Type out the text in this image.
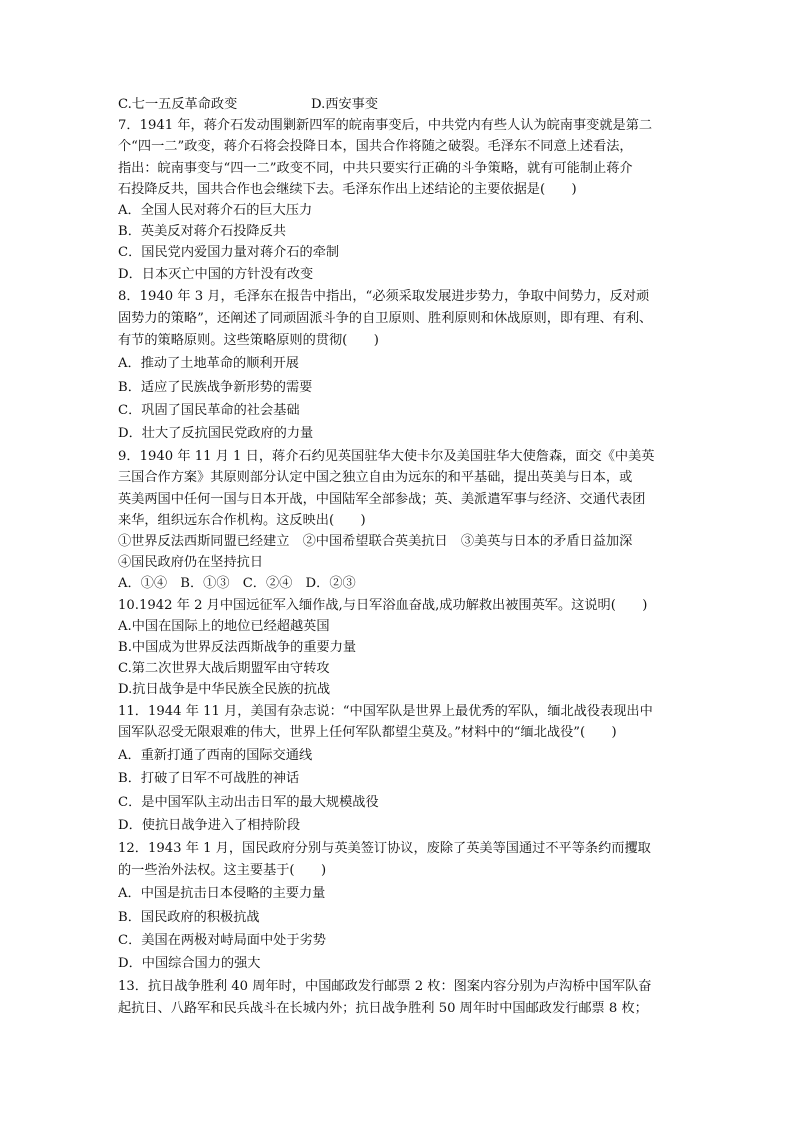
C.七一五反革命政变	D.西安事变
7．1941 年，蒋介石发动围剿新四军的皖南事变后，中共党内有些人认为皖南事变就是第二
个“四一二”政变，蒋介石将会投降日本，国共合作将随之破裂。毛泽东不同意上述看法，
指出：皖南事变与“四一二”政变不同，中共只要实行正确的斗争策略，就有可能制止蒋介
石投降反共，国共合作也会继续下去。毛泽东作出上述结论的主要依据是(　　)
A．全国人民对蒋介石的巨大压力
B．英美反对蒋介石投降反共
C．国民党内爱国力量对蒋介石的牵制
D．日本灭亡中国的方针没有改变
8．1940 年 3 月，毛泽东在报告中指出，“必须采取发展进步势力，争取中间势力，反对顽
固势力的策略”，还阐述了同顽固派斗争的自卫原则、胜利原则和休战原则，即有理、有利、
有节的策略原则。这些策略原则的贯彻(　　)
A．推动了土地革命的顺利开展
B．适应了民族战争新形势的需要
C．巩固了国民革命的社会基础
D．壮大了反抗国民党政府的力量
9．1940 年 11 月 1 日，蒋介石约见英国驻华大使卡尔及美国驻华大使詹森，面交《中美英
三国合作方案》其原则部分认定中国之独立自由为远东的和平基础，提出英美与日本，或
英美两国中任何一国与日本开战，中国陆军全部参战；英、美派遣军事与经济、交通代表团
来华，组织远东合作机构。这反映出(　　)
①世界反法西斯同盟已经建立　②中国希望联合英美抗日　③美英与日本的矛盾日益加深
④国民政府仍在坚持抗日
A．①④　B．①③　C．②④　D．②③
10.1942 年 2 月中国远征军入缅作战,与日军浴血奋战,成功解救出被围英军。这说明(　　)
A.中国在国际上的地位已经超越英国
B.中国成为世界反法西斯战争的重要力量
C.第二次世界大战后期盟军由守转攻
D.抗日战争是中华民族全民族的抗战
11．1944 年 11 月，美国有杂志说：“中国军队是世界上最优秀的军队，缅北战役表现出中
国军队忍受无限艰难的伟大，世界上任何军队都望尘莫及。”材料中的“缅北战役”(　　)
A．重新打通了西南的国际交通线
B．打破了日军不可战胜的神话
C．是中国军队主动出击日军的最大规模战役
D．使抗日战争进入了相持阶段
12．1943 年 1 月，国民政府分别与英美签订协议，废除了英美等国通过不平等条约而攫取
的一些治外法权。这主要基于(　　)
A．中国是抗击日本侵略的主要力量
B．国民政府的积极抗战
C．美国在两极对峙局面中处于劣势
D．中国综合国力的强大
13．抗日战争胜利 40 周年时，中国邮政发行邮票 2 枚：图案内容分别为卢沟桥中国军队奋
起抗日、八路军和民兵战斗在长城内外；抗日战争胜利 50 周年时中国邮政发行邮票 8 枚；
